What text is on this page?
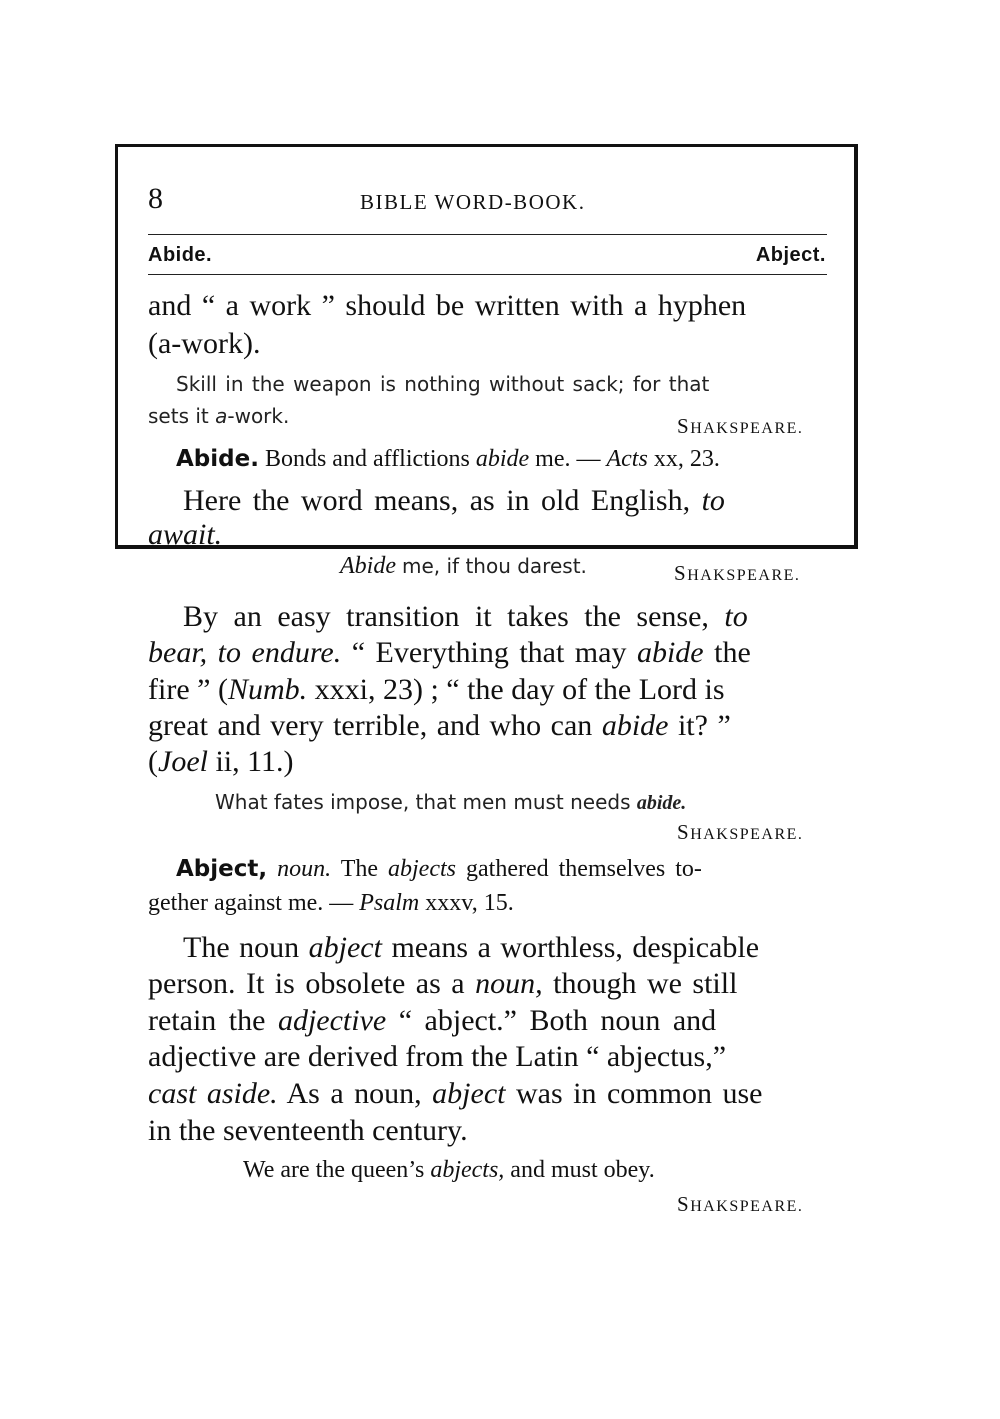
8	BIBLE WORD-BOOK.
Abide.	Abject.
and “ a work ” should be written with a hyphen
(a-work).
Skill in the weapon is nothing without sack; for that
sets it a-work.	SHAKSPEARE.
Abide. Bonds and afflictions abide me. — Acts xx, 23.
Here the word means, as in old English, to
await.
Abide me, if thou darest.	SHAKSPEARE.
By an easy transition it takes the sense, to
bear, to endure. “ Everything that may abide the
fire ” (Numb. xxxi, 23) ; “ the day of the Lord is
great and very terrible, and who can abide it? ”
(Joel ii, 11.)
What fates impose, that men must needs abide.
SHAKSPEARE.
Abject, noun. The abjects gathered themselves to-
gether against me. — Psalm xxxv, 15.
The noun abject means a worthless, despicable
person. It is obsolete as a noun, though we still
retain the adjective “ abject.” Both noun and
adjective are derived from the Latin “ abjectus,”
cast aside. As a noun, abject was in common use
in the seventeenth century.
We are the queen’s abjects, and must obey.
SHAKSPEARE.
